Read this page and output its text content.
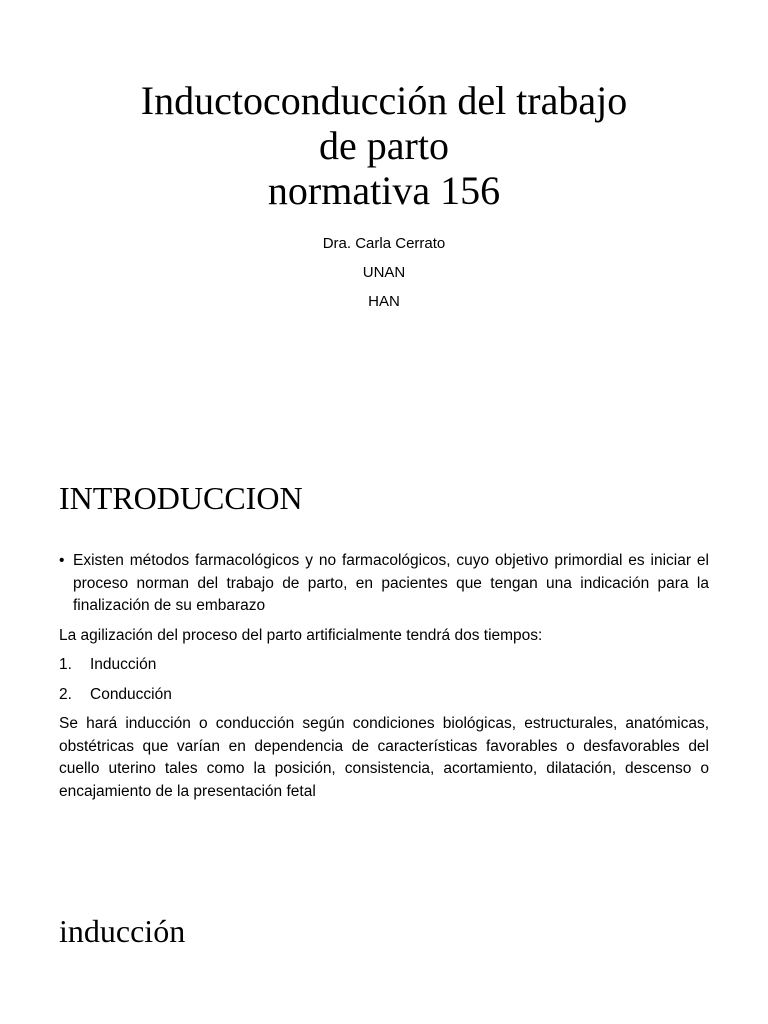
Inductoconducción del trabajo
de parto
normativa 156
Dra. Carla Cerrato
UNAN
HAN
INTRODUCCION

• Existen métodos farmacológicos y no farmacológicos, cuyo objetivo primordial es iniciar el proceso norman del trabajo de parto, en pacientes que tengan una indicación para la finalización de su embarazo

La agilización del proceso del parto artificialmente tendrá dos tiempos:

1.	Inducción
2.	Conducción

Se hará inducción o conducción según condiciones biológicas, estructurales, anatómicas, obstétricas que varían en dependencia de características favorables o desfavorables del cuello uterino tales como la posición, consistencia, acortamiento, dilatación, descenso o encajamiento de la presentación fetal

inducción
